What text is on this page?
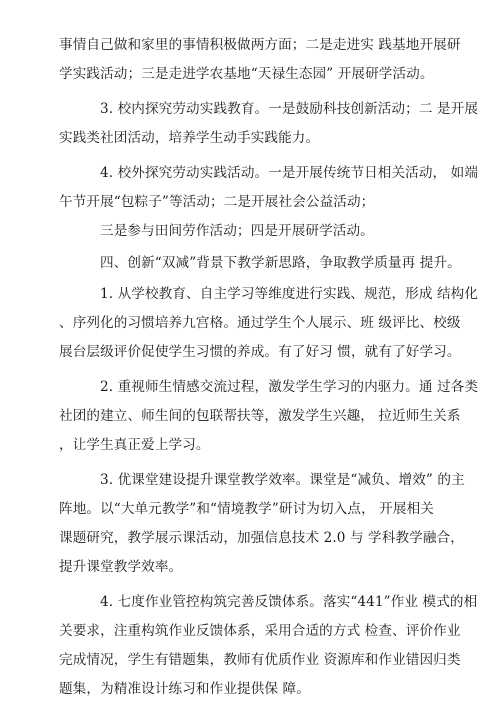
事情自己做和家里的事情积极做两方面；二是走进实 践基地开展研
学实践活动；三是走进学农基地“天禄生态园” 开展研学活动。
3. 校内探究劳动实践教育。一是鼓励科技创新活动；二 是开展
实践类社团活动，培养学生动手实践能力。
4. 校外探究劳动实践活动。一是开展传统节日相关活动， 如端
午节开展“包粽子”等活动；二是开展社会公益活动；
三是参与田间劳作活动；四是开展研学活动。
四、创新“双减”背景下教学新思路，争取教学质量再 提升。
1. 从学校教育、自主学习等维度进行实践、规范，形成 结构化
、序列化的习惯培养九宫格。通过学生个人展示、班 级评比、校级
展台层级评价促使学生习惯的养成。有了好习 惯，就有了好学习。
2. 重视师生情感交流过程，激发学生学习的内驱力。通 过各类
社团的建立、师生间的包联帮扶等，激发学生兴趣， 拉近师生关系
，让学生真正爱上学习。
3. 优课堂建设提升课堂教学效率。课堂是“减负、增效” 的主
阵地。以“大单元教学”和“情境教学”研讨为切入点， 开展相关
课题研究，教学展示课活动，加强信息技术 2.0 与 学科教学融合，
提升课堂教学效率。
4. 七度作业管控构筑完善反馈体系。落实“441”作业 模式的相
关要求，注重构筑作业反馈体系，采用合适的方式 检查、评价作业
完成情况，学生有错题集，教师有优质作业 资源库和作业错因归类
题集，为精准设计练习和作业提供保 障。
